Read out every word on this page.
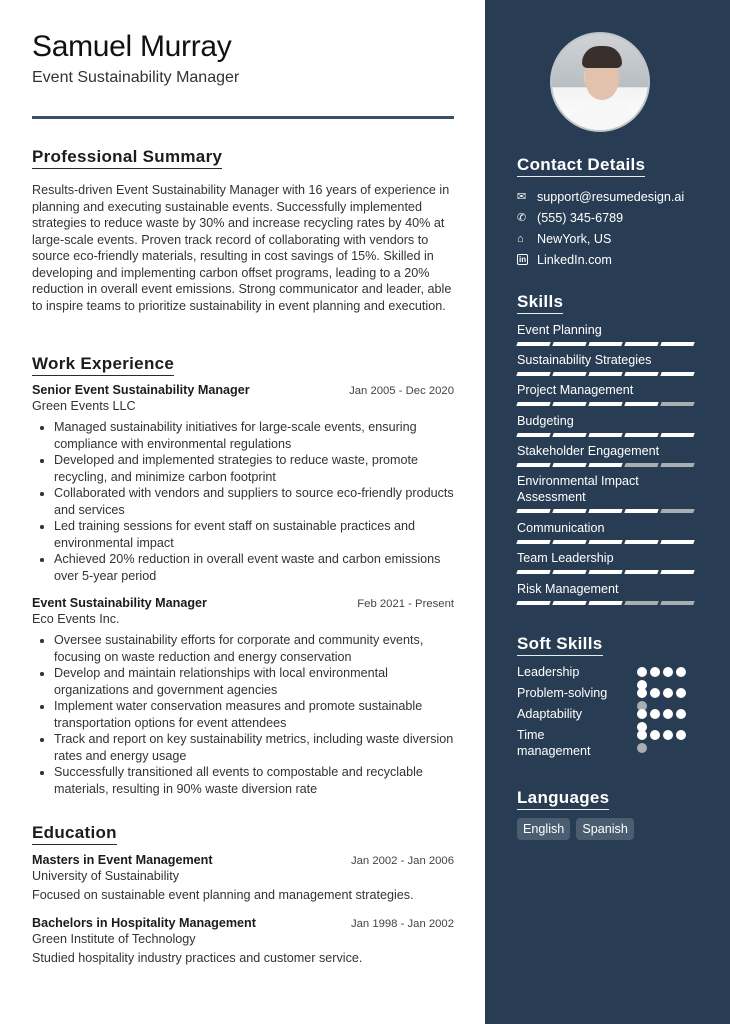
Samuel Murray
Event Sustainability Manager
Professional Summary
Results-driven Event Sustainability Manager with 16 years of experience in planning and executing sustainable events. Successfully implemented strategies to reduce waste by 30% and increase recycling rates by 40% at large-scale events. Proven track record of collaborating with vendors to source eco-friendly materials, resulting in cost savings of 15%. Skilled in developing and implementing carbon offset programs, leading to a 20% reduction in overall event emissions. Strong communicator and leader, able to inspire teams to prioritize sustainability in event planning and execution.
Work Experience
Senior Event Sustainability Manager	Jan 2005 - Dec 2020
Green Events LLC
Managed sustainability initiatives for large-scale events, ensuring compliance with environmental regulations
Developed and implemented strategies to reduce waste, promote recycling, and minimize carbon footprint
Collaborated with vendors and suppliers to source eco-friendly products and services
Led training sessions for event staff on sustainable practices and environmental impact
Achieved 20% reduction in overall event waste and carbon emissions over 5-year period
Event Sustainability Manager	Feb 2021 - Present
Eco Events Inc.
Oversee sustainability efforts for corporate and community events, focusing on waste reduction and energy conservation
Develop and maintain relationships with local environmental organizations and government agencies
Implement water conservation measures and promote sustainable transportation options for event attendees
Track and report on key sustainability metrics, including waste diversion rates and energy usage
Successfully transitioned all events to compostable and recyclable materials, resulting in 90% waste diversion rate
Education
Masters in Event Management	Jan 2002 - Jan 2006
University of Sustainability
Focused on sustainable event planning and management strategies.
Bachelors in Hospitality Management	Jan 1998 - Jan 2002
Green Institute of Technology
Studied hospitality industry practices and customer service.
Contact Details
✉ support@resumedesign.ai
✆ (555) 345-6789
⌂	NewYork, US
in LinkedIn.com
Skills
Event Planning
Sustainability Strategies
Project Management
Budgeting
Stakeholder Engagement
Environmental Impact Assessment
Communication
Team Leadership
Risk Management
Soft Skills
Leadership
Problem-solving
Adaptability
Time management
Languages
English	Spanish
